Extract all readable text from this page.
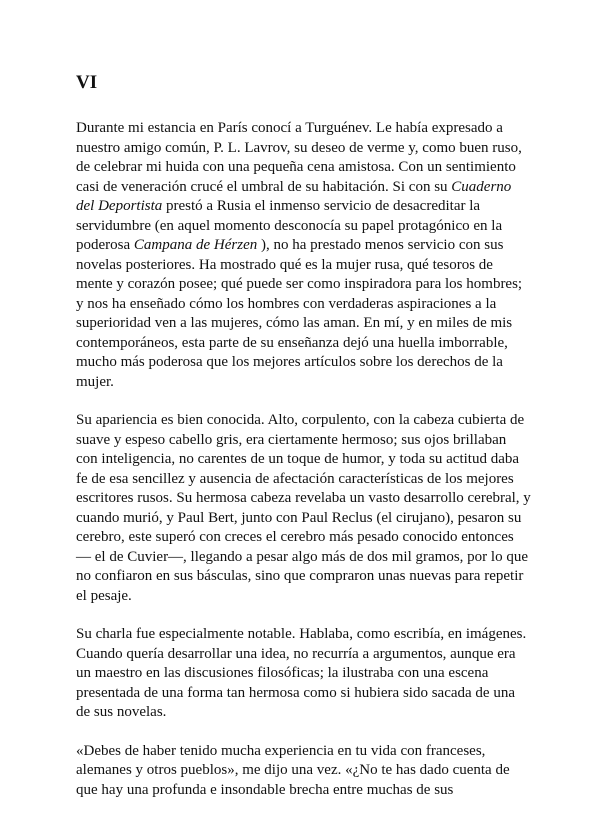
VI

Durante mi estancia en París conocí a Turguénev. Le había expresado a nuestro amigo común, P. L. Lavrov, su deseo de verme y, como buen ruso, de celebrar mi huida con una pequeña cena amistosa. Con un sentimiento casi de veneración crucé el umbral de su habitación. Si con su Cuaderno del Deportista prestó a Rusia el inmenso servicio de desacreditar la servidumbre (en aquel momento desconocía su papel protagónico en la poderosa Campana de Hérzen ), no ha prestado menos servicio con sus novelas posteriores. Ha mostrado qué es la mujer rusa, qué tesoros de mente y corazón posee; qué puede ser como inspiradora para los hombres; y nos ha enseñado cómo los hombres con verdaderas aspiraciones a la superioridad ven a las mujeres, cómo las aman. En mí, y en miles de mis contemporáneos, esta parte de su enseñanza dejó una huella imborrable, mucho más poderosa que los mejores artículos sobre los derechos de la mujer.

Su apariencia es bien conocida. Alto, corpulento, con la cabeza cubierta de suave y espeso cabello gris, era ciertamente hermoso; sus ojos brillaban con inteligencia, no carentes de un toque de humor, y toda su actitud daba fe de esa sencillez y ausencia de afectación características de los mejores escritores rusos. Su hermosa cabeza revelaba un vasto desarrollo cerebral, y cuando murió, y Paul Bert, junto con Paul Reclus (el cirujano), pesaron su cerebro, este superó con creces el cerebro más pesado conocido entonces — el de Cuvier—, llegando a pesar algo más de dos mil gramos, por lo que no confiaron en sus básculas, sino que compraron unas nuevas para repetir el pesaje.

Su charla fue especialmente notable. Hablaba, como escribía, en imágenes. Cuando quería desarrollar una idea, no recurría a argumentos, aunque era un maestro en las discusiones filosóficas; la ilustraba con una escena presentada de una forma tan hermosa como si hubiera sido sacada de una de sus novelas.

«Debes de haber tenido mucha experiencia en tu vida con franceses, alemanes y otros pueblos», me dijo una vez. «¿No te has dado cuenta de que hay una profunda e insondable brecha entre muchas de sus
